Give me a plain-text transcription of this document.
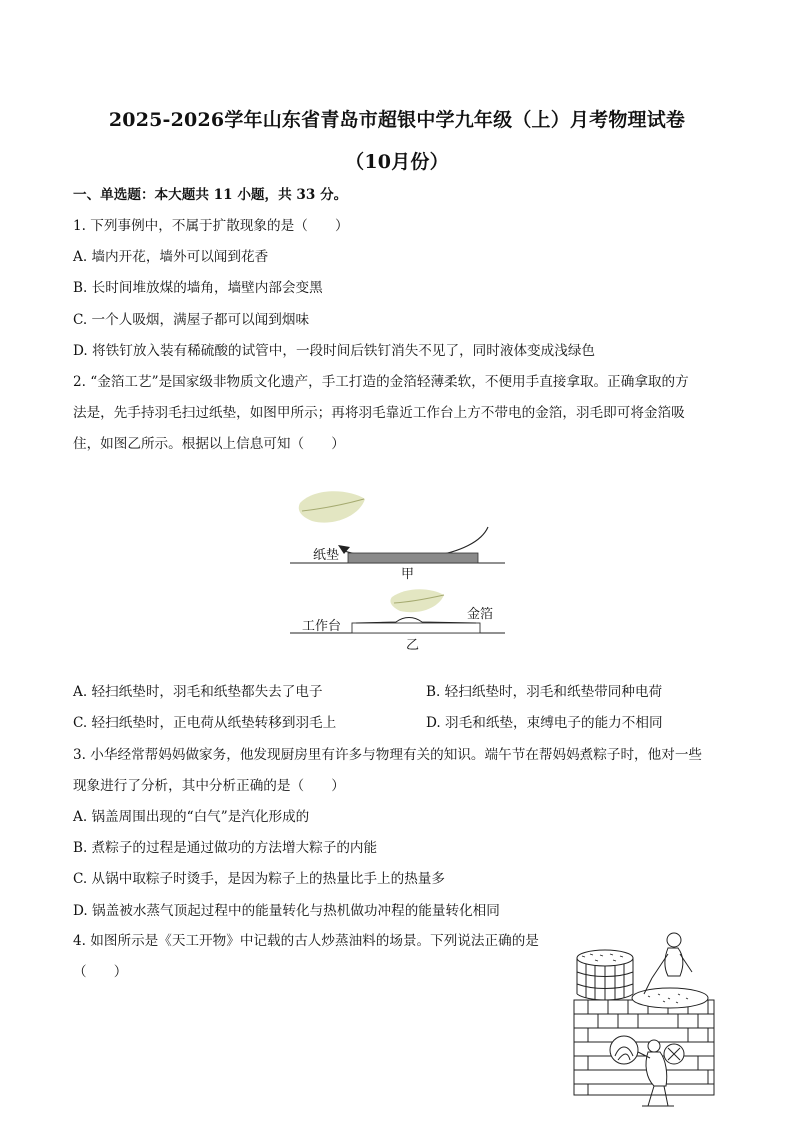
2025-2026学年山东省青岛市超银中学九年级（上）月考物理试卷
（10月份）
一、单选题：本大题共 11 小题，共 33 分。
1. 下列事例中，不属于扩散现象的是（　　）
A. 墙内开花，墙外可以闻到花香
B. 长时间堆放煤的墙角，墙壁内部会变黑
C. 一个人吸烟，满屋子都可以闻到烟味
D. 将铁钉放入装有稀硫酸的试管中，一段时间后铁钉消失不见了，同时液体变成浅绿色
2. “金箔工艺”是国家级非物质文化遗产，手工打造的金箔轻薄柔软，不便用手直接拿取。正确拿取的方
法是，先手持羽毛扫过纸垫，如图甲所示；再将羽毛靠近工作台上方不带电的金箔，羽毛即可将金箔吸
住，如图乙所示。根据以上信息可知（　　）
纸垫
甲
工作台
金箔
乙
A. 轻扫纸垫时，羽毛和纸垫都失去了电子	B. 轻扫纸垫时，羽毛和纸垫带同种电荷
C. 轻扫纸垫时，正电荷从纸垫转移到羽毛上	D. 羽毛和纸垫，束缚电子的能力不相同
3. 小华经常帮妈妈做家务，他发现厨房里有许多与物理有关的知识。端午节在帮妈妈煮粽子时，他对一些
现象进行了分析，其中分析正确的是（　　）
A. 锅盖周围出现的“白气”是汽化形成的
B. 煮粽子的过程是通过做功的方法增大粽子的内能
C. 从锅中取粽子时烫手，是因为粽子上的热量比手上的热量多
D. 锅盖被水蒸气顶起过程中的能量转化与热机做功冲程的能量转化相同
4. 如图所示是《天工开物》中记载的古人炒蒸油料的场景。下列说法正确的是
（　　）
